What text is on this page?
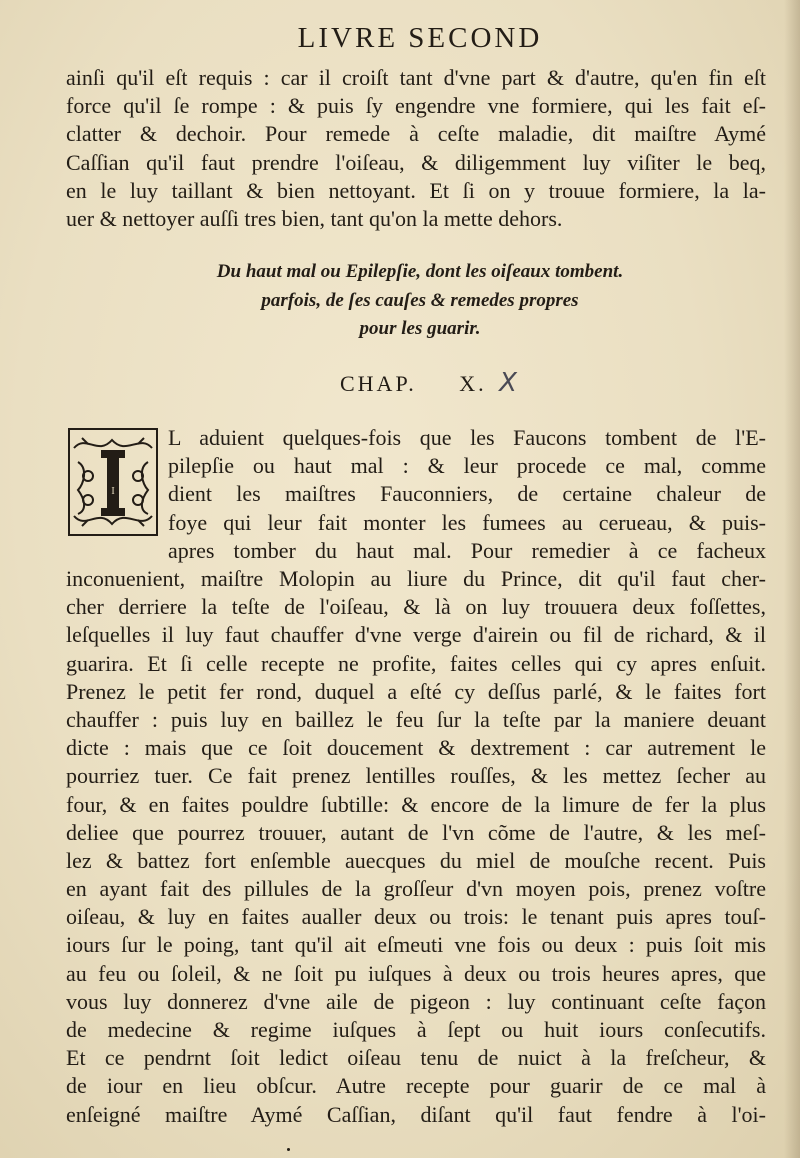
LIVRE SECOND
ainſi qu'il eſt requis : car il croiſt tant d'vne part & d'autre, qu'en fin eſt
force qu'il ſe rompe : & puis ſy engendre vne formiere, qui les fait eſ-
clatter & dechoir. Pour remede à ceſte maladie, dit maiſtre Aymé
Caſſian qu'il faut prendre l'oiſeau, & diligemment luy viſiter le beq,
en le luy taillant & bien nettoyant. Et ſi on y trouue formiere, la la-
uer & nettoyer auſſi tres bien, tant qu'on la mette dehors.
Du haut mal ou Epilepſie, dont les oiſeaux tombent.
parfois, de ſes cauſes & remedes propres
pour les guarir.
CHAP. X. X
I
L aduient quelques-fois que les Faucons tombent de l'E-
pilepſie ou haut mal : & leur procede ce mal, comme
dient les maiſtres Fauconniers, de certaine chaleur de
foye qui leur fait monter les fumees au cerueau, & puis-
apres tomber du haut mal. Pour remedier à ce facheux
inconuenient, maiſtre Molopin au liure du Prince, dit qu'il faut cher-
cher derriere la teſte de l'oiſeau, & là on luy trouuera deux foſſettes,
leſquelles il luy faut chauffer d'vne verge d'airein ou fil de richard, & il
guarira. Et ſi celle recepte ne profite, faites celles qui cy apres enſuit.
Prenez le petit fer rond, duquel a eſté cy deſſus parlé, & le faites fort
chauffer : puis luy en baillez le feu ſur la teſte par la maniere deuant
dicte : mais que ce ſoit doucement & dextrement : car autrement le
pourriez tuer. Ce fait prenez lentilles rouſſes, & les mettez ſecher au
four, & en faites pouldre ſubtille: & encore de la limure de fer la plus
deliee que pourrez trouuer, autant de l'vn cõme de l'autre, & les meſ-
lez & battez fort enſemble auecques du miel de mouſche recent. Puis
en ayant fait des pillules de la groſſeur d'vn moyen pois, prenez voſtre
oiſeau, & luy en faites aualler deux ou trois: le tenant puis apres touſ-
iours ſur le poing, tant qu'il ait eſmeuti vne fois ou deux : puis ſoit mis
au feu ou ſoleil, & ne ſoit pu iuſques à deux ou trois heures apres, que
vous luy donnerez d'vne aile de pigeon : luy continuant ceſte façon
de medecine & regime iuſques à ſept ou huit iours conſecutifs.
Et ce pendrnt ſoit ledict oiſeau tenu de nuict à la freſcheur, &
de iour en lieu obſcur. Autre recepte pour guarir de ce mal à
enſeigné maiſtre Aymé Caſſian, diſant qu'il faut fendre à l'oi-
